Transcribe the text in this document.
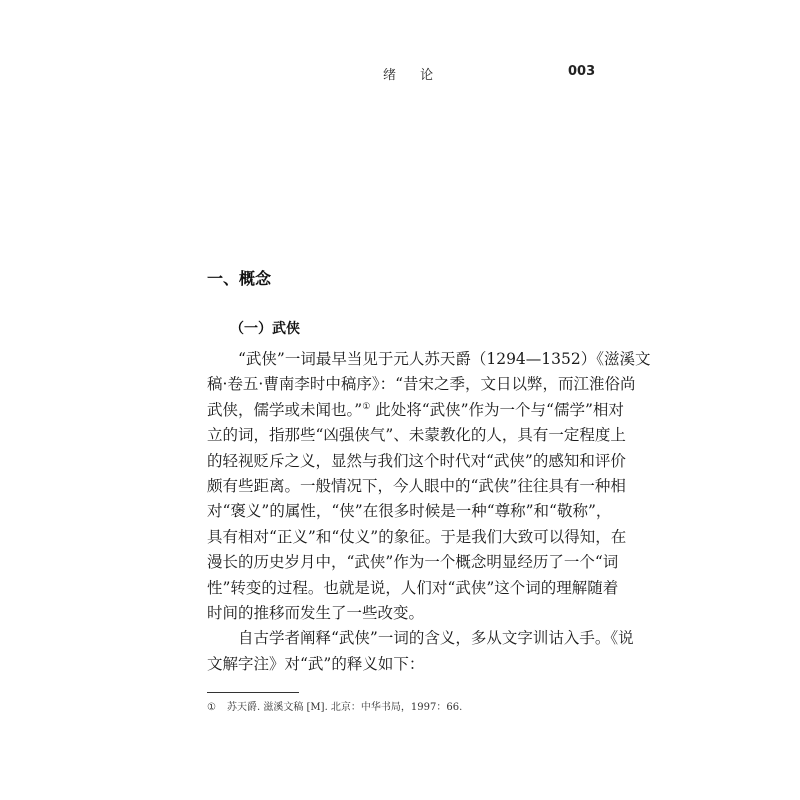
绪 论	003
一、概念
（一）武侠
“武侠”一词最早当见于元人苏天爵（1294—1352）《滋溪文
稿·卷五·曹南李时中稿序》：“昔宋之季，文日以弊，而江淮俗尚
武侠，儒学或未闻也。”① 此处将“武侠”作为一个与“儒学”相对
立的词，指那些“凶强侠气”、未蒙教化的人，具有一定程度上
的轻视贬斥之义，显然与我们这个时代对“武侠”的感知和评价
颇有些距离。一般情况下，今人眼中的“武侠”往往具有一种相
对“褒义”的属性，“侠”在很多时候是一种“尊称”和“敬称”，
具有相对“正义”和“仗义”的象征。于是我们大致可以得知，在
漫长的历史岁月中，“武侠”作为一个概念明显经历了一个“词
性”转变的过程。也就是说，人们对“武侠”这个词的理解随着
时间的推移而发生了一些改变。
自古学者阐释“武侠”一词的含义，多从文字训诂入手。《说
文解字注》对“武”的释义如下：
① 苏天爵. 滋溪文稿 [M]. 北京：中华书局，1997：66.
